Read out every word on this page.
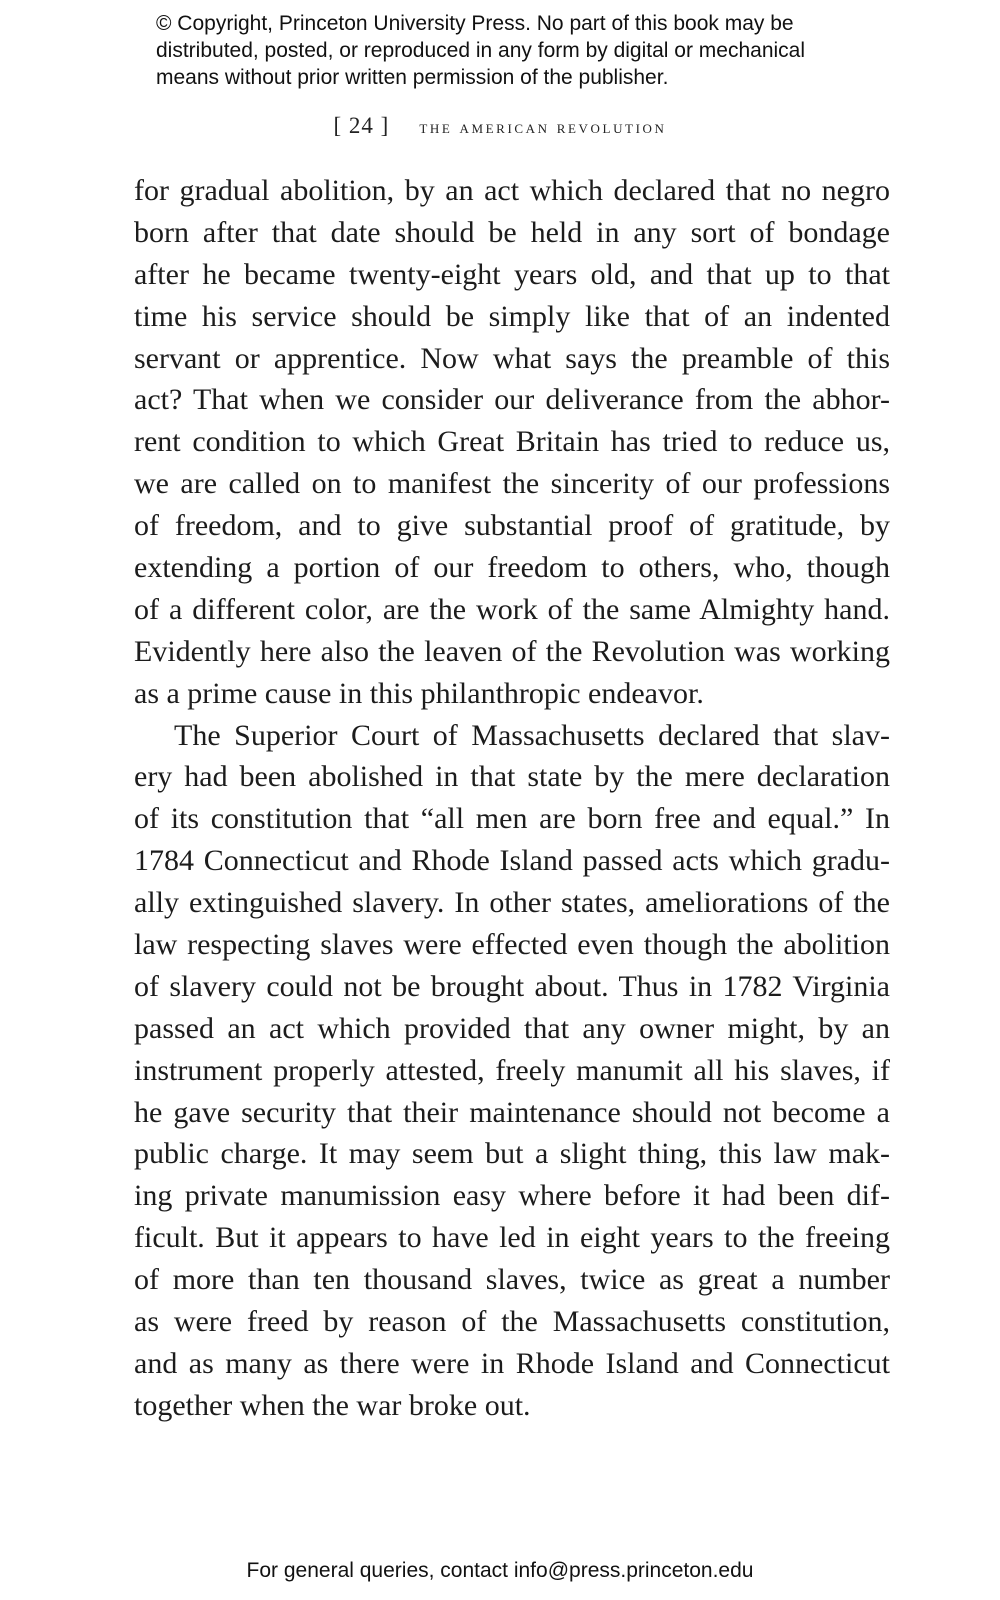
© Copyright, Princeton University Press. No part of this book may be
distributed, posted, or reproduced in any form by digital or mechanical
means without prior written permission of the publisher.
[ 24 ] the american revolution
for gradual abolition, by an act which declared that no negro
born after that date should be held in any sort of bondage
after he became twenty-eight years old, and that up to that
time his service should be simply like that of an indented
servant or apprentice. Now what says the preamble of this
act? That when we consider our deliverance from the abhor-
rent condition to which Great Britain has tried to reduce us,
we are called on to manifest the sincerity of our professions
of freedom, and to give substantial proof of gratitude, by
extending a portion of our freedom to others, who, though
of a different color, are the work of the same Almighty hand.
Evidently here also the leaven of the Revolution was working
as a prime cause in this philanthropic endeavor.
The Superior Court of Massachusetts declared that slav-
ery had been abolished in that state by the mere declaration
of its constitution that “all men are born free and equal.” In
1784 Connecticut and Rhode Island passed acts which gradu-
ally extinguished slavery. In other states, ameliorations of the
law respecting slaves were effected even though the abolition
of slavery could not be brought about. Thus in 1782 Virginia
passed an act which provided that any owner might, by an
instrument properly attested, freely manumit all his slaves, if
he gave security that their maintenance should not become a
public charge. It may seem but a slight thing, this law mak-
ing private manumission easy where before it had been dif-
ficult. But it appears to have led in eight years to the freeing
of more than ten thousand slaves, twice as great a number
as were freed by reason of the Massachusetts constitution,
and as many as there were in Rhode Island and Connecticut
together when the war broke out.
For general queries, contact info@press.princeton.edu
